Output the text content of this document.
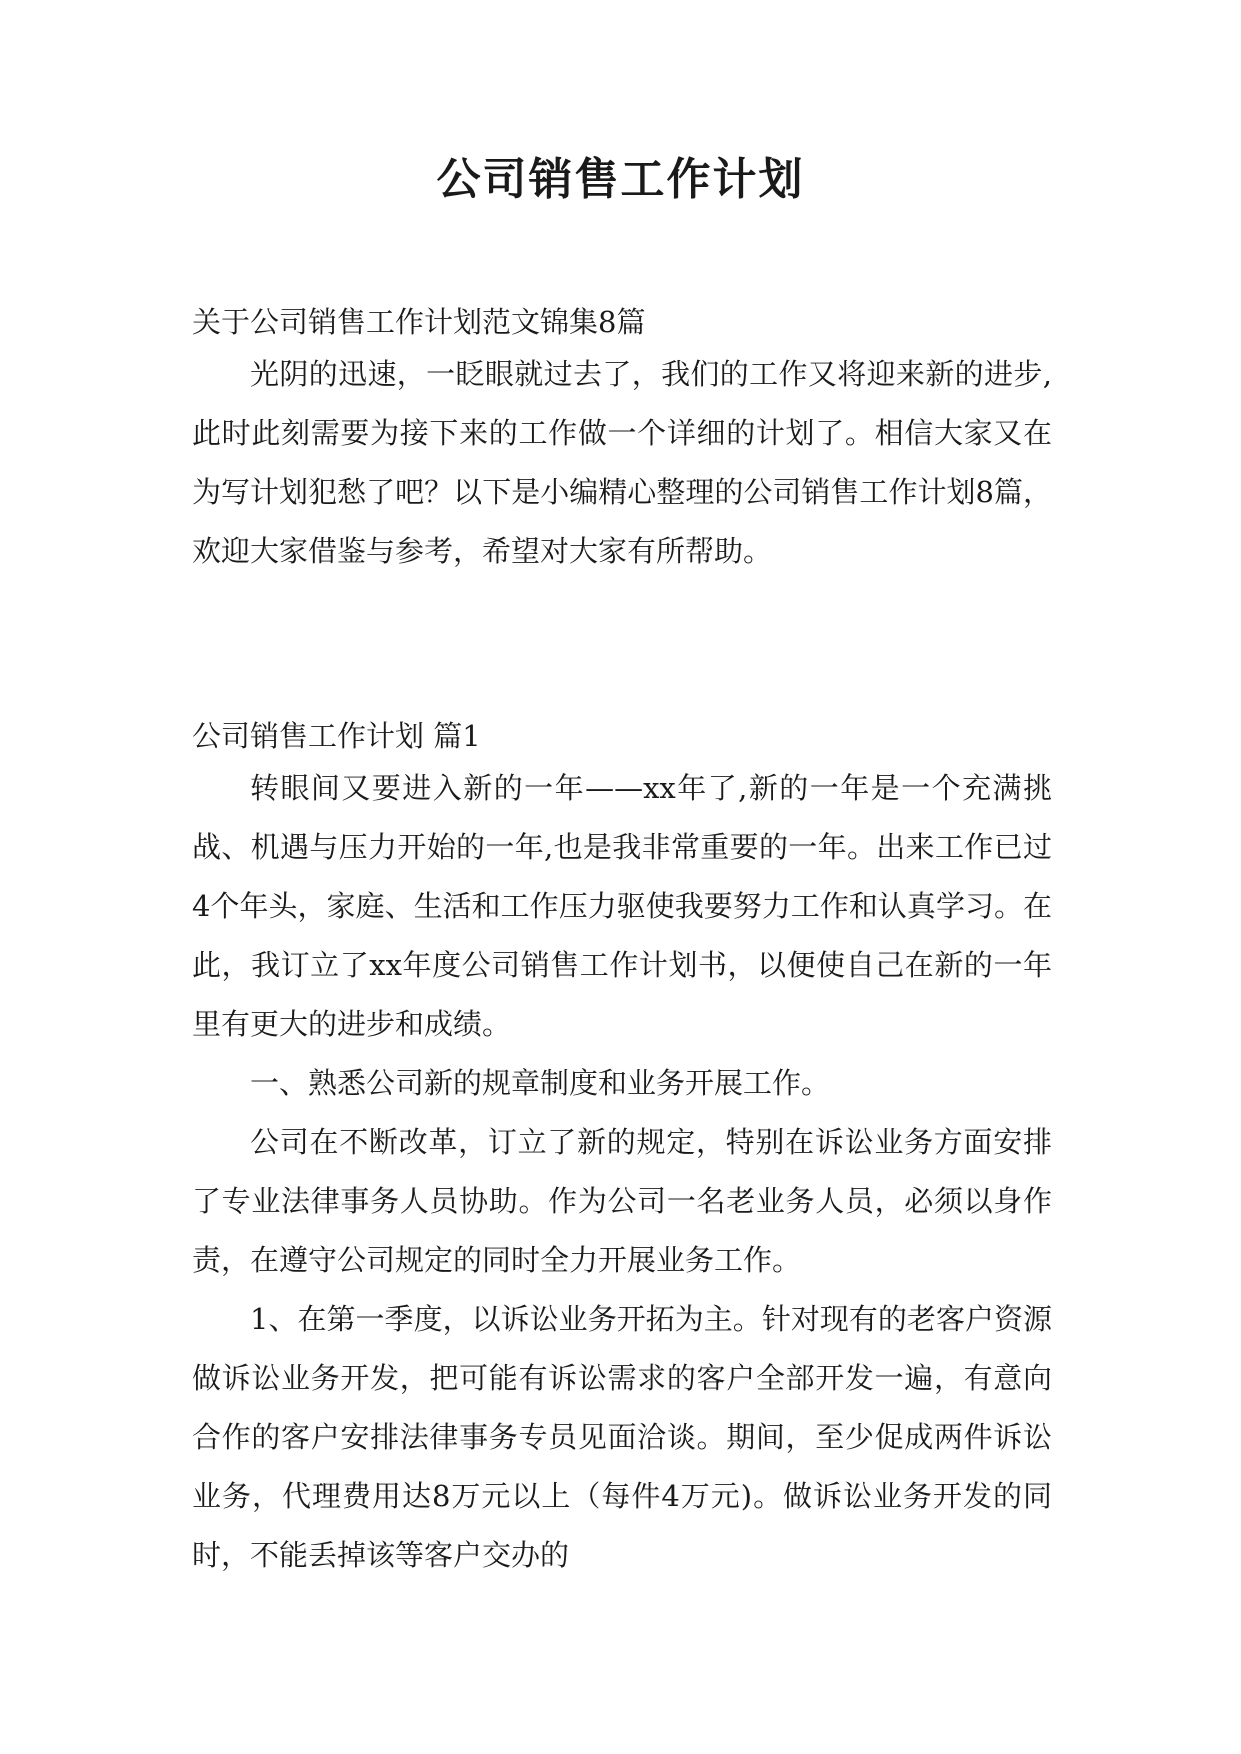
公司销售工作计划

关于公司销售工作计划范文锦集8篇

光阴的迅速，一眨眼就过去了，我们的工作又将迎来新的进步,此时此刻需要为接下来的工作做一个详细的计划了。相信大家又在为写计划犯愁了吧？以下是小编精心整理的公司销售工作计划8篇，欢迎大家借鉴与参考，希望对大家有所帮助。

公司销售工作计划 篇1

转眼间又要进入新的一年——xx年了,新的一年是一个充满挑战、机遇与压力开始的一年,也是我非常重要的一年。出来工作已过4个年头，家庭、生活和工作压力驱使我要努力工作和认真学习。在此，我订立了xx年度公司销售工作计划书，以便使自己在新的一年里有更大的进步和成绩。

一、熟悉公司新的规章制度和业务开展工作。

公司在不断改革，订立了新的规定，特别在诉讼业务方面安排了专业法律事务人员协助。作为公司一名老业务人员，必须以身作责，在遵守公司规定的同时全力开展业务工作。

1、在第一季度，以诉讼业务开拓为主。针对现有的老客户资源做诉讼业务开发，把可能有诉讼需求的客户全部开发一遍，有意向合作的客户安排法律事务专员见面洽谈。期间，至少促成两件诉讼业务，代理费用达8万元以上（每件4万元)。做诉讼业务开发的同时，不能丢掉该等客户交办的
